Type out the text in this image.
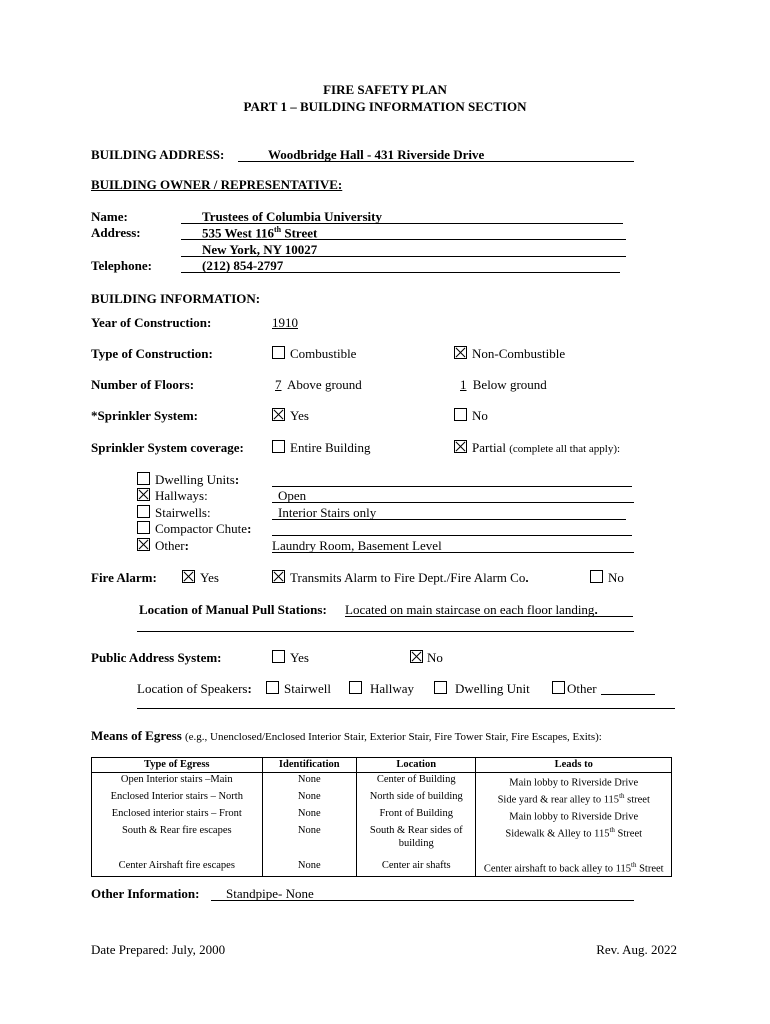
FIRE SAFETY PLAN
PART 1 – BUILDING INFORMATION SECTION
BUILDING ADDRESS:	Woodbridge Hall - 431 Riverside Drive
BUILDING OWNER / REPRESENTATIVE:
Name:	Trustees of Columbia University
Address:	535 West 116th Street
New York, NY 10027
Telephone:	(212) 854-2797
BUILDING INFORMATION:
Year of Construction:	1910
Type of Construction:	Combustible	Non-Combustible
Number of Floors:	7 Above ground	1 Below ground
*Sprinkler System:	Yes	No
Sprinkler System coverage:	Entire Building	Partial (complete all that apply):
Dwelling Units:
Hallways:	Open
Stairwells:	Interior Stairs only
Compactor Chute:
Other:	Laundry Room, Basement Level
Fire Alarm:	Yes	Transmits Alarm to Fire Dept./Fire Alarm Co.	No
Location of Manual Pull Stations: Located on main staircase on each floor landing.
Public Address System:	Yes	No
Location of Speakers: Stairwell	Hallway	Dwelling Unit	Other
Means of Egress (e.g., Unenclosed/Enclosed Interior Stair, Exterior Stair, Fire Tower Stair, Fire Escapes, Exits):
Type of Egress	Identification	Location	Leads to
Open Interior stairs –Main	None	Center of Building	Main lobby to Riverside Drive
Enclosed Interior stairs – North	None	North side of building	Side yard & rear alley to 115th street
Enclosed interior stairs – Front	None	Front of Building	Main lobby to Riverside Drive
South & Rear fire escapes	None	South & Rear sides of building	Sidewalk & Alley to 115th Street
Center Airshaft fire escapes	None	Center air shafts	Center airshaft to back alley to 115th Street
Other Information: Standpipe- None
Date Prepared: July, 2000	Rev. Aug. 2022
